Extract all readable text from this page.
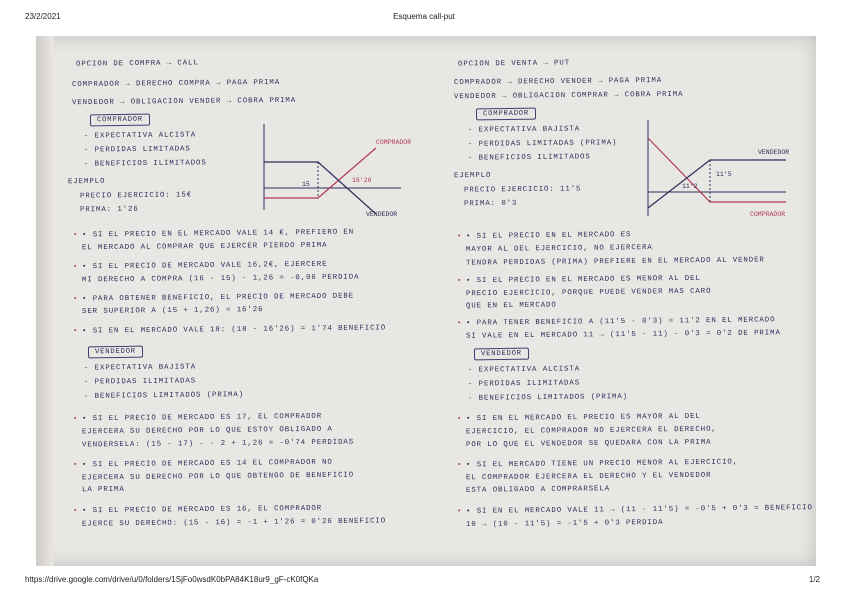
23/2/2021	Esquema call-put
OPCION DE COMPRA → CALL
COMPRADOR → DERECHO COMPRA → PAGA PRIMA
VENDEDOR → OBLIGACION VENDER → COBRA PRIMA
COMPRADOR
- EXPECTATIVA ALCISTA
- PERDIDAS LIMITADAS
- BENEFICIOS ILIMITADOS
EJEMPLO
PRECIO EJERCICIO: 15€
PRIMA: 1'26
15
16'26
COMPRADOR
VENDEDOR
• • SI EL PRECIO EN EL MERCADO VALE 14 €, PREFIERO EN
EL MERCADO AL COMPRAR QUE EJERCER PIERDO PRIMA
• • SI EL PRECIO DE MERCADO VALE 16,2€, EJERCERE
MI DERECHO A COMPRA (16 - 15) - 1,26 = -0,06 PERDIDA
• • PARA OBTENER BENEFICIO, EL PRECIO DE MERCADO DEBE
SER SUPERIOR A (15 + 1,26) = 16'26
• • SI EN EL MERCADO VALE 18: (18 - 16'26) = 1'74 BENEFICIO
VENDEDOR
- EXPECTATIVA BAJISTA
- PERDIDAS ILIMITADAS
- BENEFICIOS LIMITADOS (PRIMA)
• • SI EL PRECIO DE MERCADO ES 17, EL COMPRADOR
EJERCERA SU DERECHO POR LO QUE ESTOY OBLIGADO A
VENDERSELA: (15 - 17) - - 2 + 1,26 = -0'74 PERDIDAS
• • SI EL PRECIO DE MERCADO ES 14 EL COMPRADOR NO
EJERCERA SU DERECHO POR LO QUE OBTENGO DE BENEFICIO
LA PRIMA
• • SI EL PRECIO DE MERCADO ES 16, EL COMPRADOR
EJERCE SU DERECHO: (15 - 16) = -1 + 1'26 = 0'26 BENEFICIO
OPCION DE VENTA → PUT
COMPRADOR → DERECHO VENDER → PAGA PRIMA
VENDEDOR → OBLIGACION COMPRAR → COBRA PRIMA
COMPRADOR
- EXPECTATIVA BAJISTA
- PERDIDAS LIMITADAS (PRIMA)
- BENEFICIOS ILIMITADOS
EJEMPLO
PRECIO EJERCICIO: 11'5
PRIMA: 0'3
11'5
11'2
VENDEDOR
COMPRADOR
• • SI EL PRECIO EN EL MERCADO ES
MAYOR AL DEL EJERCICIO, NO EJERCERA
TENDRA PERDIDAS (PRIMA) PREFIERE EN EL MERCADO AL VENDER
• • SI EL PRECIO EN EL MERCADO ES MENOR AL DEL
PRECIO EJERCICIO, PORQUE PUEDE VENDER MAS CARO
QUE EN EL MERCADO
• • PARA TENER BENEFICIO A (11'5 - 0'3) = 11'2 EN EL MERCADO
SI VALE EN EL MERCADO 11 → (11'5 - 11) - 0'3 = 0'2 DE PRIMA
VENDEDOR
- EXPECTATIVA ALCISTA
- PERDIDAS ILIMITADAS
- BENEFICIOS LIMITADOS (PRIMA)
• • SI EN EL MERCADO EL PRECIO ES MAYOR AL DEL
EJERCICIO, EL COMPRADOR NO EJERCERA EL DERECHO,
POR LO QUE EL VENDEDOR SE QUEDARA CON LA PRIMA
• • SI EL MERCADO TIENE UN PRECIO MENOR AL EJERCICIO,
EL COMPRADOR EJERCERA EL DERECHO Y EL VENDEDOR
ESTA OBLIGADO A COMPRARSELA
• • SI EN EL MERCADO VALE 11 → (11 - 11'5) = -0'5 + 0'3 = BENEFICIO
10 → (10 - 11'5) = -1'5 + 0'3 PERDIDA
https://drive.google.com/drive/u/0/folders/1SjFo0wsdK0bPA84K18ur9_gF-cK0fQKa	1/2
